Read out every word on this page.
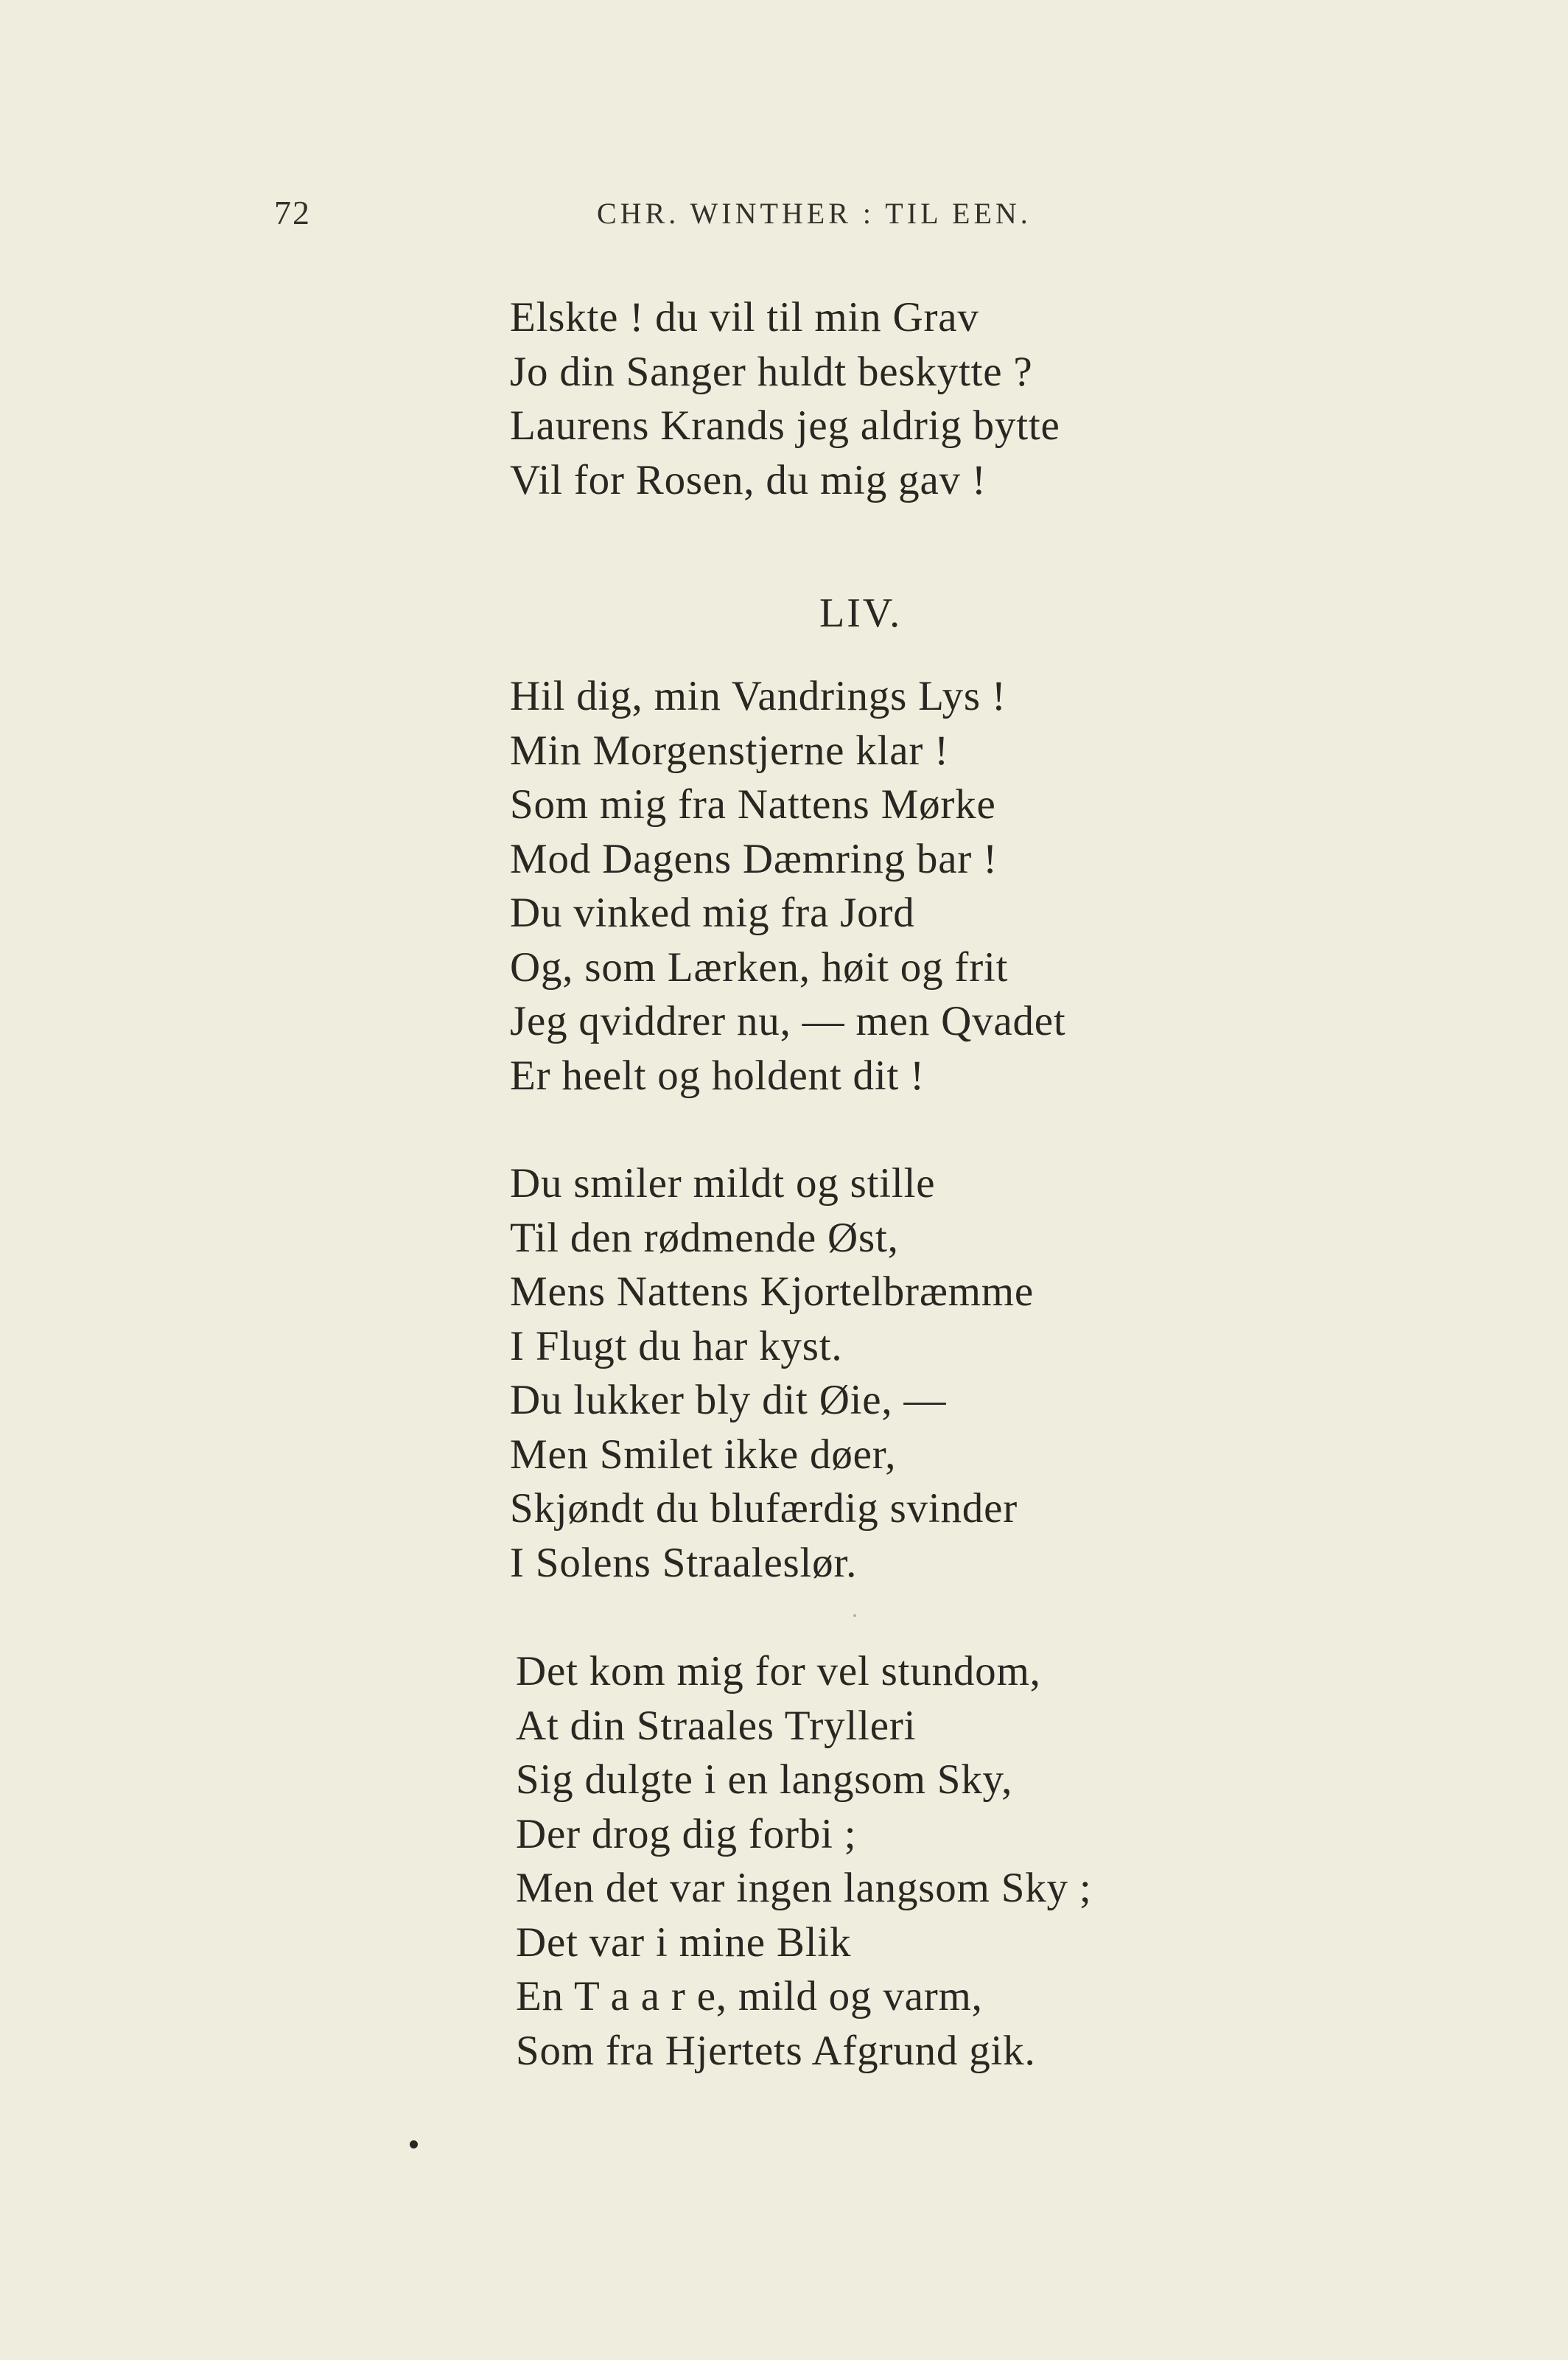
72	CHR. WINTHER : TIL EEN.
Elskte ! du vil til min Grav
Jo din Sanger huldt beskytte ?
Laurens Krands jeg aldrig bytte
Vil for Rosen, du mig gav !
LIV.
Hil dig, min Vandrings Lys !
Min Morgenstjerne klar !
Som mig fra Nattens Mørke
Mod Dagens Dæmring bar !
Du vinked mig fra Jord
Og, som Lærken, høit og frit
Jeg qviddrer nu, — men Qvadet
Er heelt og holdent dit !
Du smiler mildt og stille
Til den rødmende Øst,
Mens Nattens Kjortelbræmme
I Flugt du har kyst.
Du lukker bly dit Øie, —
Men Smilet ikke døer,
Skjøndt du blufærdig svinder
I Solens Straaleslør.
Det kom mig for vel stundom,
At din Straales Trylleri
Sig dulgte i en langsom Sky,
Der drog dig forbi ;
Men det var ingen langsom Sky ;
Det var i mine Blik
En T a a r e, mild og varm,
Som fra Hjertets Afgrund gik.
